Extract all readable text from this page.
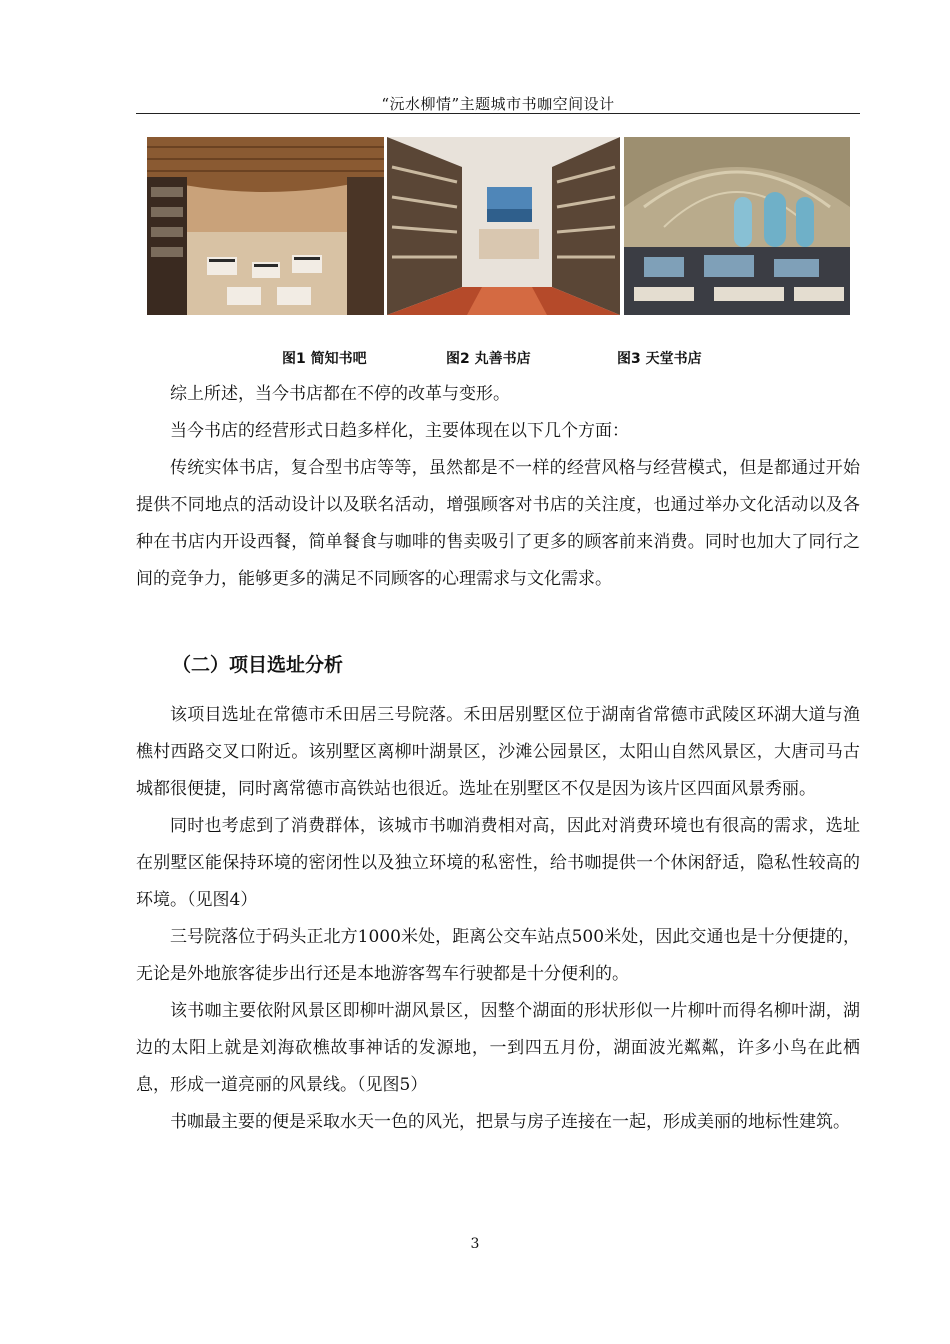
“沅水柳情”主题城市书咖空间设计
图1 简知书吧	图2 丸善书店	图3 天堂书店

综上所述，当今书店都在不停的改革与变形。

当今书店的经营形式日趋多样化，主要体现在以下几个方面：

传统实体书店，复合型书店等等，虽然都是不一样的经营风格与经营模式，但是都通过开始提供不同地点的活动设计以及联名活动，增强顾客对书店的关注度，也通过举办文化活动以及各种在书店内开设西餐，简单餐食与咖啡的售卖吸引了更多的顾客前来消费。同时也加大了同行之间的竞争力，能够更多的满足不同顾客的心理需求与文化需求。

（二）项目选址分析

该项目选址在常德市禾田居三号院落。禾田居别墅区位于湖南省常德市武陵区环湖大道与渔樵村西路交叉口附近。该别墅区离柳叶湖景区，沙滩公园景区，太阳山自然风景区，大唐司马古城都很便捷，同时离常德市高铁站也很近。选址在别墅区不仅是因为该片区四面风景秀丽。

同时也考虑到了消费群体，该城市书咖消费相对高，因此对消费环境也有很高的需求，选址在别墅区能保持环境的密闭性以及独立环境的私密性，给书咖提供一个休闲舒适，隐私性较高的环境。（见图4）

三号院落位于码头正北方1000米处，距离公交车站点500米处，因此交通也是十分便捷的，无论是外地旅客徒步出行还是本地游客驾车行驶都是十分便利的。

该书咖主要依附风景区即柳叶湖风景区，因整个湖面的形状形似一片柳叶而得名柳叶湖，湖边的太阳上就是刘海砍樵故事神话的发源地，一到四五月份，湖面波光粼粼，许多小鸟在此栖息，形成一道亮丽的风景线。（见图5）

书咖最主要的便是采取水天一色的风光，把景与房子连接在一起，形成美丽的地标性建筑。

3
